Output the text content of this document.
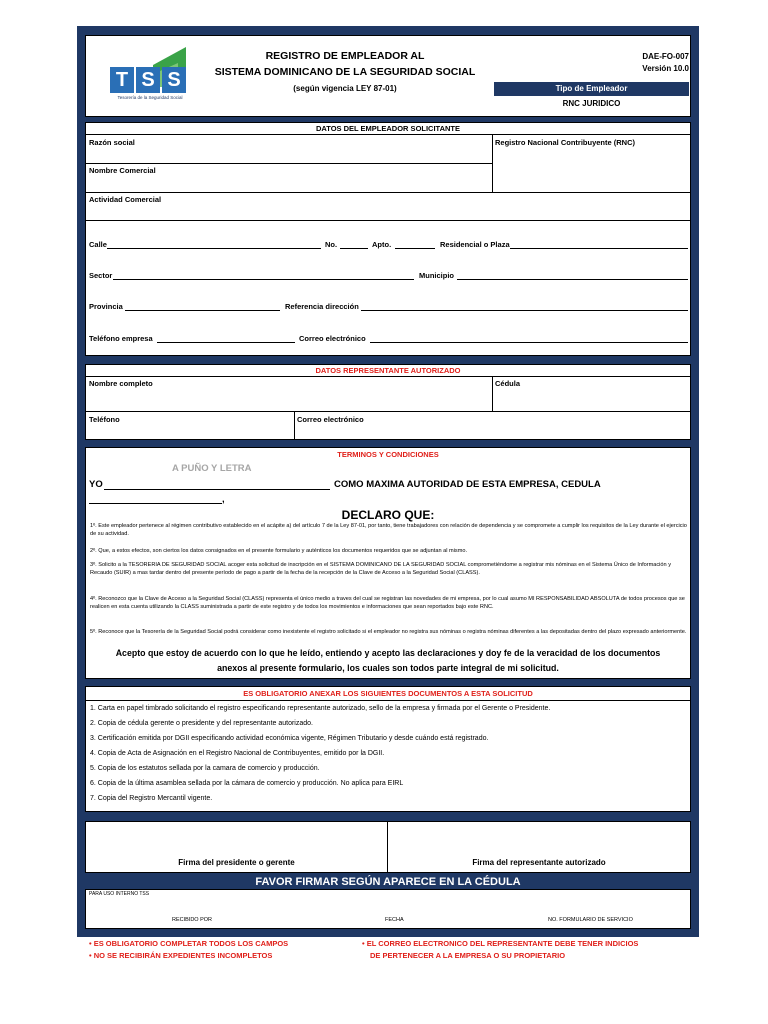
T S S
Tesorería de la Seguridad Social
REGISTRO DE EMPLEADOR AL
SISTEMA DOMINICANO DE LA SEGURIDAD SOCIAL
(según vigencia LEY 87-01)
DAE-FO-007
Versión 10.0
Tipo de Empleador
RNC JURIDICO
DATOS DEL EMPLEADOR SOLICITANTE
Razón social	Registro Nacional Contribuyente (RNC)
Nombre Comercial
Actividad Comercial
Calle	No.	Apto.	Residencial o Plaza
Sector	Municipio
Provincia	Referencia dirección
Teléfono empresa	Correo electrónico
DATOS REPRESENTANTE AUTORIZADO
Nombre completo	Cédula
Teléfono	Correo electrónico
TERMINOS Y CONDICIONES
A PUÑO Y LETRA
YO	COMO MAXIMA AUTORIDAD DE ESTA EMPRESA, CEDULA
,
DECLARO QUE:
1º. Este empleador pertenece al régimen contributivo establecido en el acápite a) del artículo 7 de la Ley 87-01, por tanto, tiene trabajadores con relación de dependencia y se compromete a cumplir los requisitos de la Ley durante el ejercicio de su actividad.
2º. Que, a estos efectos, son ciertos los datos consignados en el presente formulario y auténticos los documentos requeridos que se adjuntan al mismo.
3º. Solicito a la TESORERIA DE SEGURIDAD SOCIAL acoger esta solicitud de inscripción en el SISTEMA DOMINICANO DE LA SEGURIDAD SOCIAL comprometiéndome a registrar mis nóminas en el Sistema Único de Información y Recaudo (SUIR) a mas tardar dentro del presente período de pago a partir de la fecha de la recepción de la Clave de Acceso a la Seguridad Social (CLASS).
4º. Reconozco que la Clave de Acceso a la Seguridad Social (CLASS) representa el único medio a traves del cual se registran las novedades de mi empresa, por lo cual asumo MI RESPONSABILIDAD ABSOLUTA de todos procesos que se realicen en esta cuenta utilizando la CLASS suministrada a partir de este registro y de todos los movimientos e informaciones que sean reportados bajo este RNC.
5º. Reconoce que la Tesorería de la Seguridad Social podrá considerar como inexistente el registro solicitado si el empleador no registra sus nóminas o registra nóminas diferentes a las depositadas dentro del plazo expresado anteriormente.
Acepto que estoy de acuerdo con lo que he leído, entiendo y acepto las declaraciones y doy fe de la veracidad de los documentos
anexos al presente formulario, los cuales son todos parte integral de mi solicitud.
ES OBLIGATORIO ANEXAR LOS SIGUIENTES DOCUMENTOS A ESTA SOLICITUD
1. Carta en papel timbrado solicitando el registro especificando representante autorizado, sello de la empresa y firmada por el Gerente o Presidente.
2. Copia de cédula gerente o presidente y del representante autorizado.
3. Certificación emitida por DGII especificando actividad económica vigente, Régimen Tributario y desde cuándo está registrado.
4. Copia de Acta de Asignación en el Registro Nacional de Contribuyentes, emitido por la DGII.
5. Copia de los estatutos sellada por la camara de comercio y producción.
6. Copia de la última asamblea sellada por la cámara de comercio y producción. No aplica para EIRL
7. Copia del Registro Mercantil vigente.
Firma del presidente o gerente	Firma del representante autorizado
FAVOR FIRMAR SEGÚN APARECE EN LA CÉDULA
PARA USO INTERNO TSS
RECIBIDO POR	FECHA	NO. FORMULARIO DE SERVICIO
• ES OBLIGATORIO COMPLETAR TODOS LOS CAMPOS
• NO SE RECIBIRÁN EXPEDIENTES INCOMPLETOS
• EL CORREO ELECTRONICO DEL REPRESENTANTE DEBE TENER INDICIOS
DE PERTENECER A LA EMPRESA O SU PROPIETARIO
